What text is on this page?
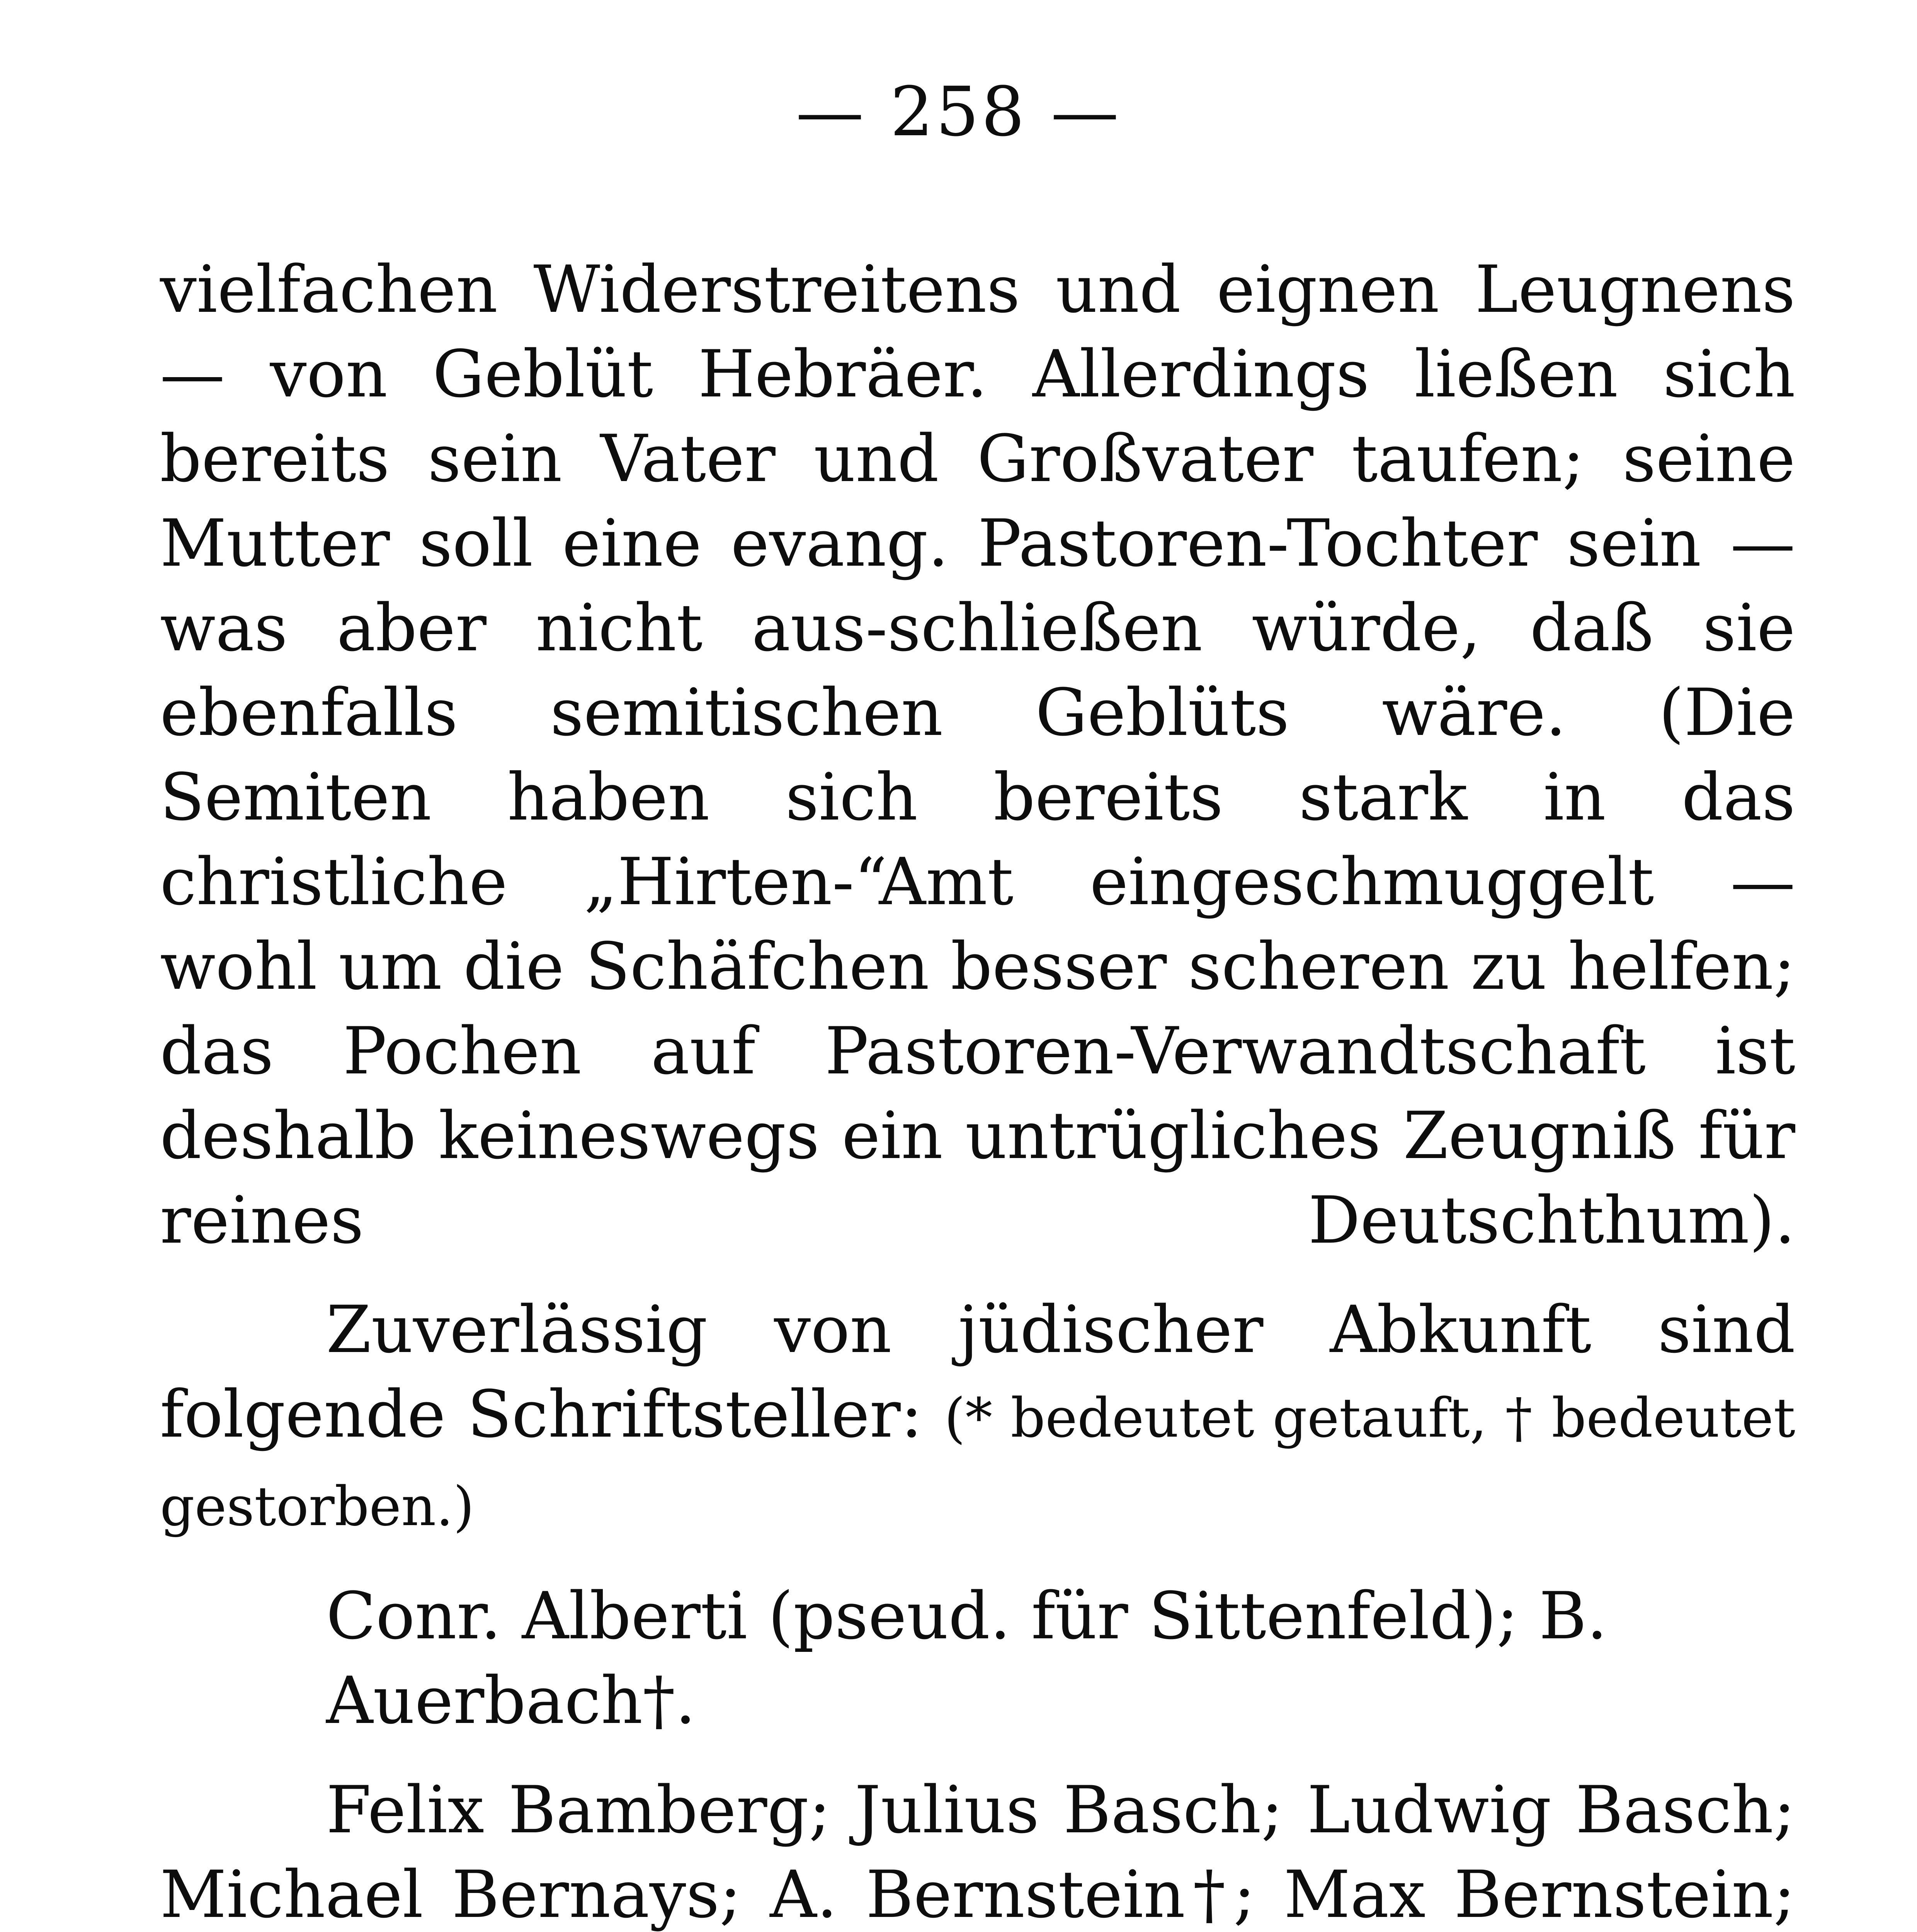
— 258 —

vielfachen Widerstreitens und eignen Leugnens — von Geblüt Hebräer. Allerdings ließen sich bereits sein Vater und Großvater taufen; seine Mutter soll eine evang. Pastoren-Tochter sein — was aber nicht aus-schließen würde, daß sie ebenfalls semitischen Geblüts wäre. (Die Semiten haben sich bereits stark in das christliche „Hirten-“Amt eingeschmuggelt — wohl um die Schäfchen besser scheren zu helfen; das Pochen auf Pastoren-Verwandtschaft ist deshalb keineswegs ein untrügliches Zeugniß für reines Deutschthum).

Zuverlässig von jüdischer Abkunft sind folgende Schriftsteller: (* bedeutet getauft, † bedeutet gestorben.)

Conr. Alberti (pseud. für Sittenfeld); B. Auerbach†.

Felix Bamberg; Julius Basch; Ludwig Basch; Michael Bernays; A. Bernstein†; Max Bernstein;
